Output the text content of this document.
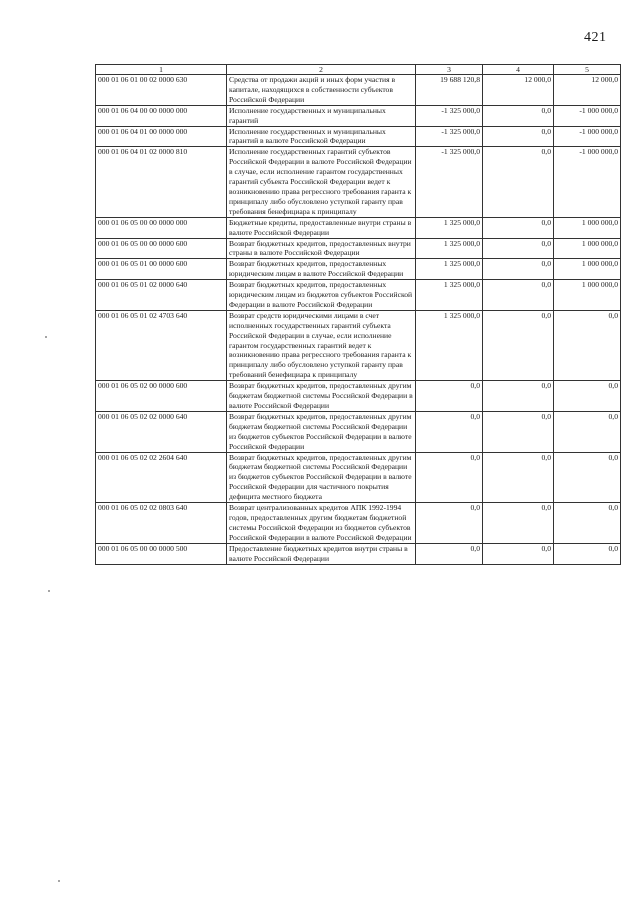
421
1	2	3	4	5
000 01 06 01 00 02 0000 630	Средства от продажи акций и иных форм участия в капитале, находящихся в собственности субъектов Российской Федерации	19 688 120,8	12 000,0	12 000,0
000 01 06 04 00 00 0000 000	Исполнение государственных и муниципальных гарантий	-1 325 000,0	0,0	-1 000 000,0
000 01 06 04 01 00 0000 000	Исполнение государственных и муниципальных гарантий в валюте Российской Федерации	-1 325 000,0	0,0	-1 000 000,0
000 01 06 04 01 02 0000 810	Исполнение государственных гарантий субъектов Российской Федерации в валюте Российской Федерации в случае, если исполнение гарантом государственных гарантий субъекта Российской Федерации ведет к возникновению права регрессного требования гаранта к принципалу либо обусловлено уступкой гаранту прав требования бенефициара к принципалу	-1 325 000,0	0,0	-1 000 000,0
000 01 06 05 00 00 0000 000	Бюджетные кредиты, предоставленные внутри страны в валюте Российской Федерации	1 325 000,0	0,0	1 000 000,0
000 01 06 05 00 00 0000 600	Возврат бюджетных кредитов, предоставленных внутри страны в валюте Российской Федерации	1 325 000,0	0,0	1 000 000,0
000 01 06 05 01 00 0000 600	Возврат бюджетных кредитов, предоставленных юридическим лицам в валюте Российской Федерации	1 325 000,0	0,0	1 000 000,0
000 01 06 05 01 02 0000 640	Возврат бюджетных кредитов, предоставленных юридическим лицам из бюджетов субъектов Российской Федерации в валюте Российской Федерации	1 325 000,0	0,0	1 000 000,0
000 01 06 05 01 02 4703 640	Возврат средств юридическими лицами в счет исполненных государственных гарантий субъекта Российской Федерации в случае, если исполнение гарантом государственных гарантий ведет к возникновению права регрессного требования гаранта к принципалу либо обусловлено уступкой гаранту прав требований бенефициара к принципалу	1 325 000,0	0,0	0,0
000 01 06 05 02 00 0000 600	Возврат бюджетных кредитов, предоставленных другим бюджетам бюджетной системы Российской Федерации в валюте Российской Федерации	0,0	0,0	0,0
000 01 06 05 02 02 0000 640	Возврат бюджетных кредитов, предоставленных другим бюджетам бюджетной системы Российской Федерации из бюджетов субъектов Российской Федерации в валюте Российской Федерации	0,0	0,0	0,0
000 01 06 05 02 02 2604 640	Возврат бюджетных кредитов, предоставленных другим бюджетам бюджетной системы Российской Федерации из бюджетов субъектов Российской Федерации в валюте Российской Федерации для частичного покрытия дефицита местного бюджета	0,0	0,0	0,0
000 01 06 05 02 02 0803 640	Возврат централизованных кредитов АПК 1992-1994 годов, предоставленных другим бюджетам бюджетной системы Российской Федерации из бюджетов субъектов Российской Федерации в валюте Российской Федерации	0,0	0,0	0,0
000 01 06 05 00 00 0000 500	Предоставление бюджетных кредитов внутри страны в валюте Российской Федерации	0,0	0,0	0,0
